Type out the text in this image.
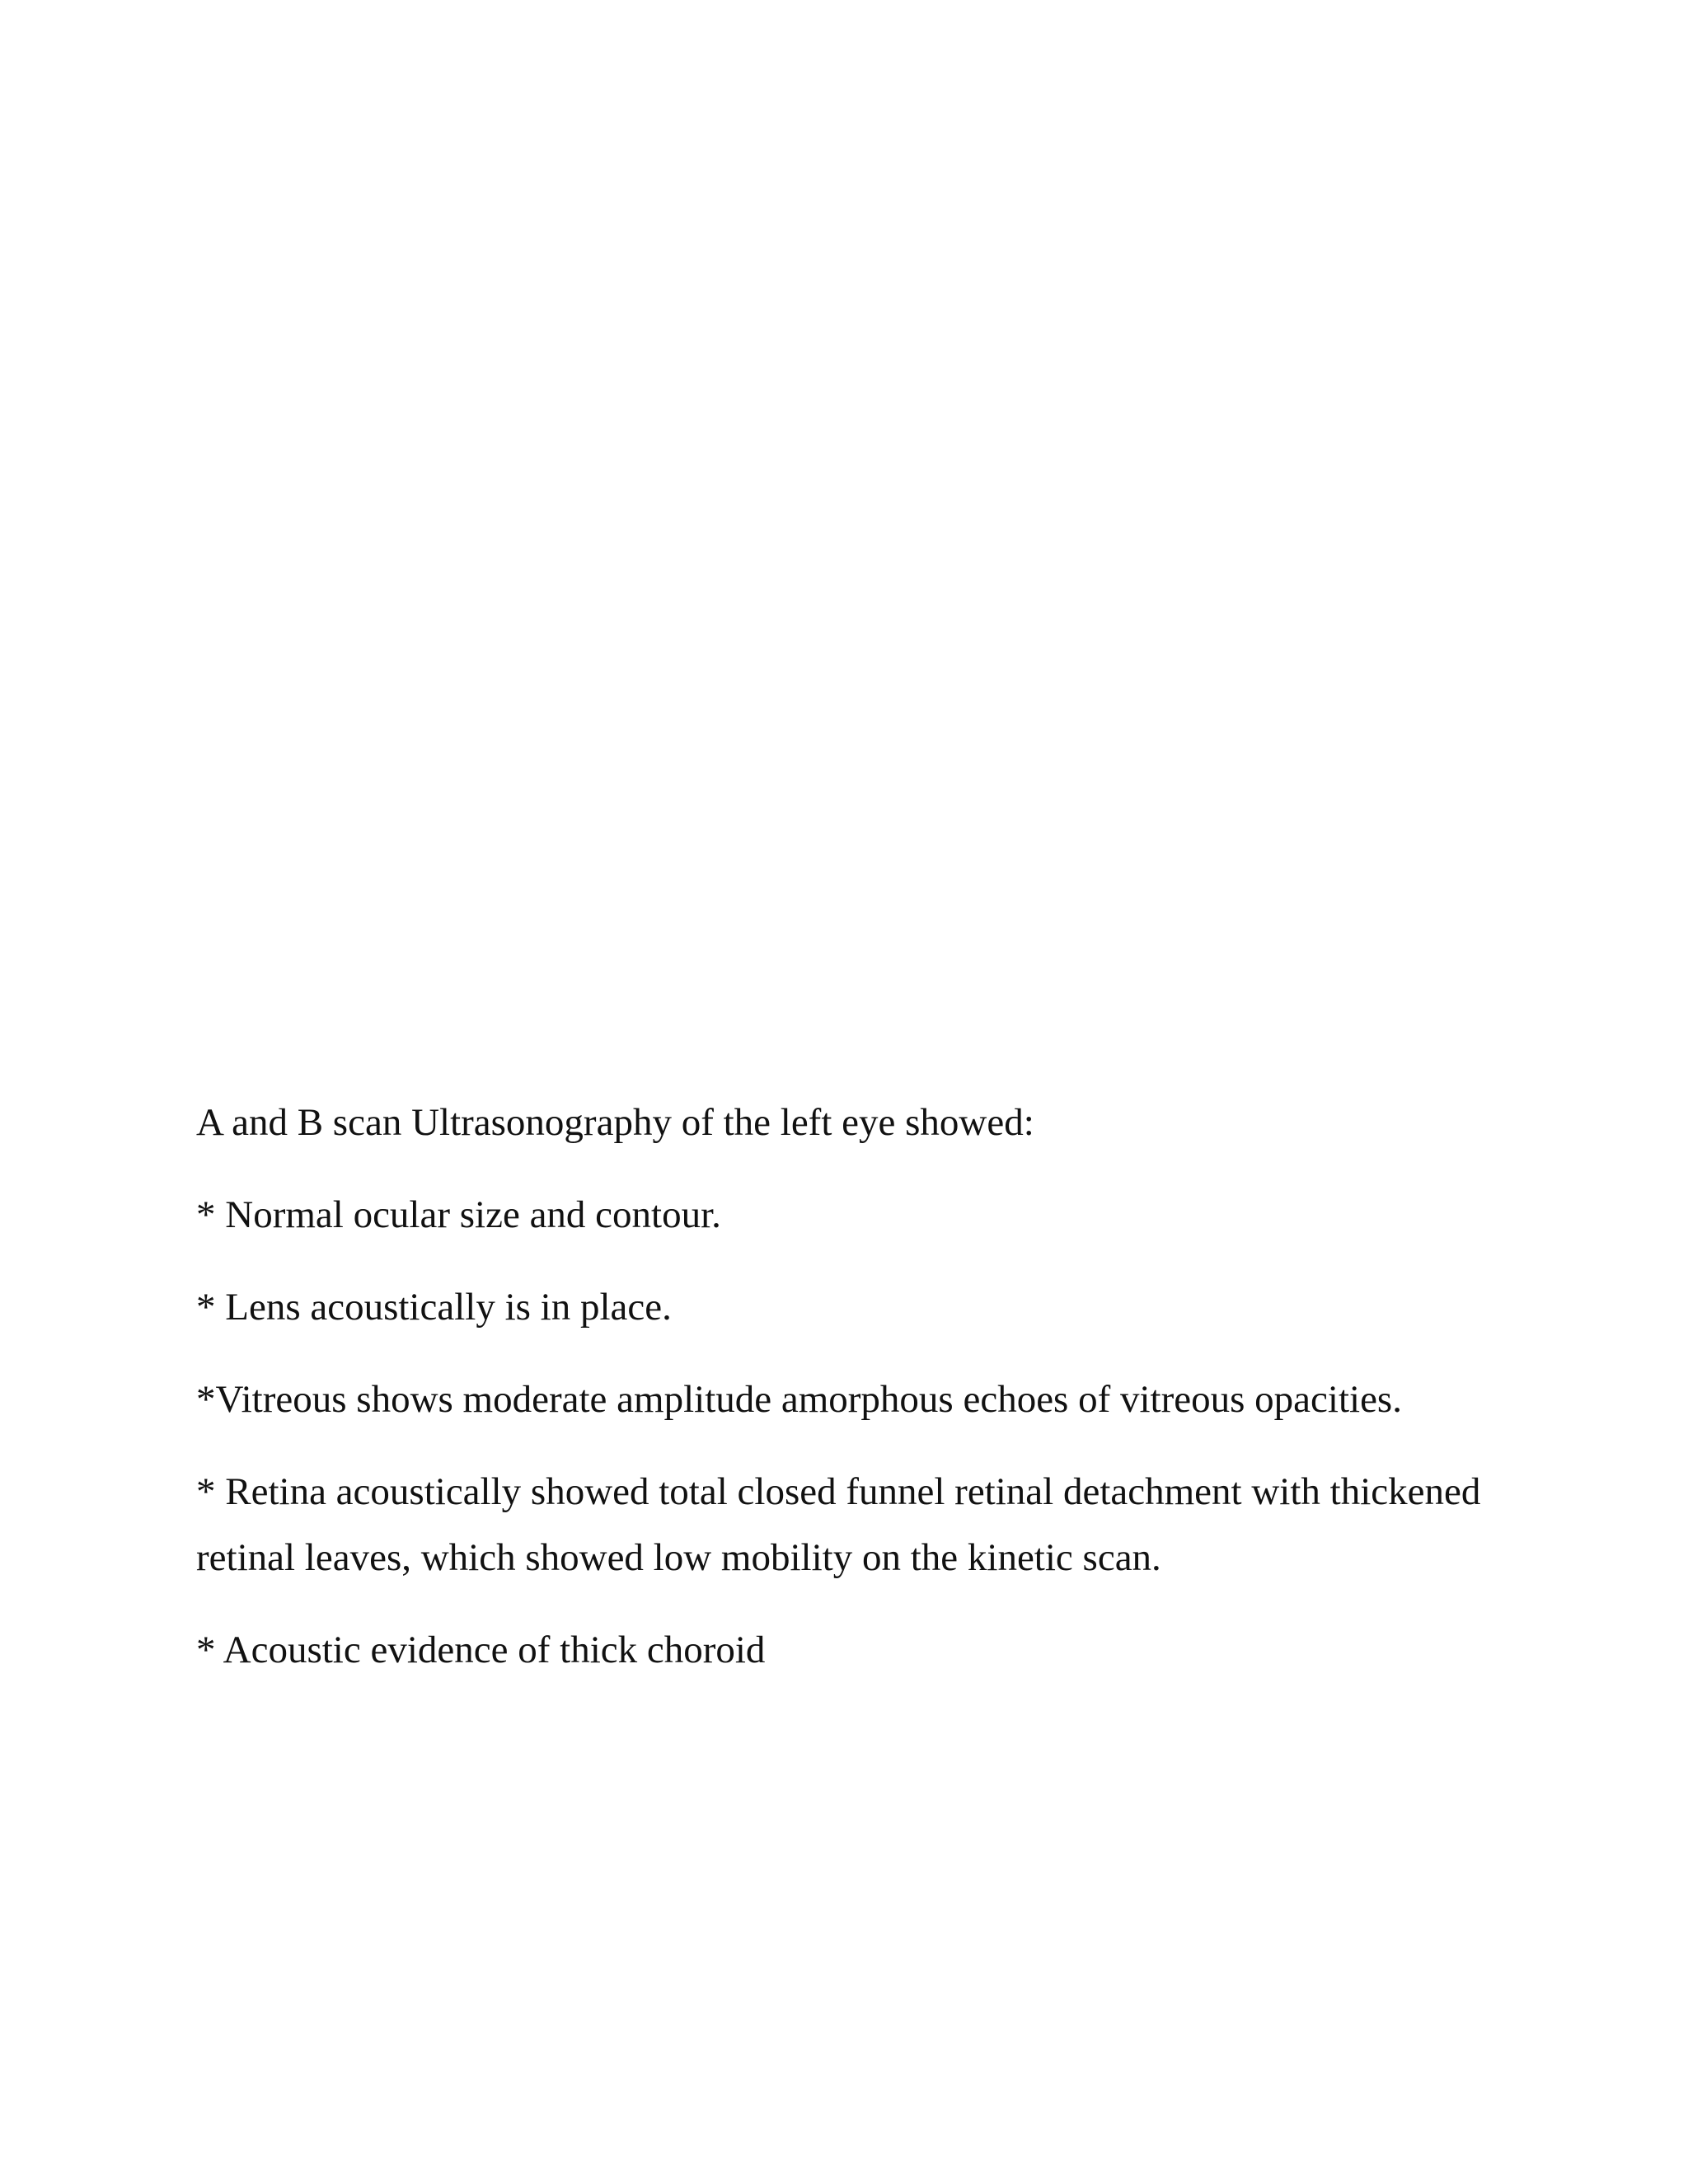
A and B scan Ultrasonography of the left eye showed:

* Normal ocular size and contour.

* Lens acoustically is in place.

*Vitreous shows moderate amplitude amorphous echoes of vitreous opacities.

* Retina acoustically showed total closed funnel retinal detachment with thickened retinal leaves, which showed low mobility on the kinetic scan.

* Acoustic evidence of thick choroid
